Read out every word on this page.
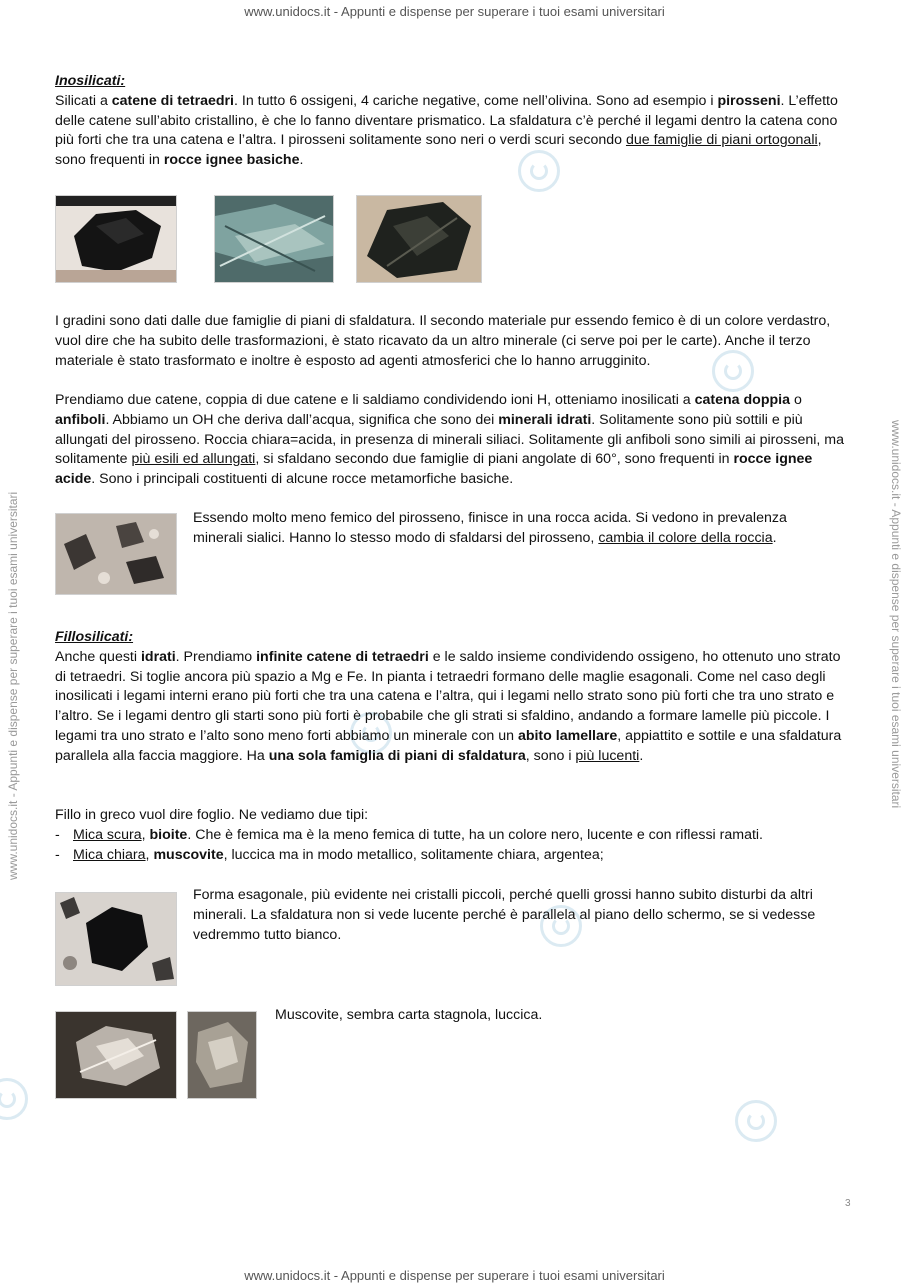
www.unidocs.it - Appunti e dispense per superare i tuoi esami universitari
www.unidocs.it - Appunti e dispense per superare i tuoi esami universitari
www.unidocs.it - Appunti e dispense per superare i tuoi esami universitari	www.unidocs.it - Appunti e dispense per superare i tuoi esami universitari

Inosilicati:

Silicati a catene di tetraedri. In tutto 6 ossigeni, 4 cariche negative, come nell’olivina. Sono ad esempio i pirosseni. L’effetto delle catene sull’abito cristallino, è che lo fanno diventare prismatico. La sfaldatura c’è perché il legami dentro la catena cono più forti che tra una catena e l’altra. I pirosseni solitamente sono neri o verdi scuri secondo due famiglie di piani ortogonali, sono frequenti in rocce ignee basiche.

I gradini sono dati dalle due famiglie di piani di sfaldatura. Il secondo materiale pur essendo femico è di un colore verdastro, vuol dire che ha subito delle trasformazioni, è stato ricavato da un altro minerale (ci serve poi per le carte). Anche il terzo materiale è stato trasformato e inoltre è esposto ad agenti atmosferici che lo hanno arrugginito.
Prendiamo due catene, coppia di due catene e li saldiamo condividendo ioni H, otteniamo inosilicati a catena doppia o anfiboli. Abbiamo un OH che deriva dall’acqua, significa che sono dei minerali idrati. Solitamente sono più sottili e più allungati del pirosseno. Roccia chiara=acida, in presenza di minerali siliaci. Solitamente gli anfiboli sono simili ai pirosseni, ma solitamente più esili ed allungati, si sfaldano secondo due famiglie di piani angolate di 60°, sono frequenti in rocce ignee acide. Sono i principali costituenti di alcune rocce metamorfiche basiche.
Essendo molto meno femico del pirosseno, finisce in una rocca acida. Si vedono in prevalenza minerali sialici. Hanno lo stesso modo di sfaldarsi del pirosseno, cambia il colore della roccia.

Fillosilicati:

Anche questi idrati. Prendiamo infinite catene di tetraedri e le saldo insieme condividendo ossigeno, ho ottenuto uno strato di tetraedri. Si toglie ancora più spazio a Mg e Fe. In pianta i tetraedri formano delle maglie esagonali. Come nel caso degli inosilicati i legami interni erano più forti che tra una catena e l’altra, qui i legami nello strato sono più forti che tra uno strato e l’altro. Se i legami dentro gli starti sono più forti è probabile che gli strati si sfaldino, andando a formare lamelle più piccole. I legami tra uno strato e l’alto sono meno forti abbiamo un minerale con un abito lamellare, appiattito e sottile e una sfaldatura parallela alla faccia maggiore. Ha una sola famiglia di piani di sfaldatura, sono i più lucenti.

Fillo in greco vuol dire foglio. Ne vediamo due tipi:

- Mica scura, bioite. Che è femica ma è la meno femica di tutte, ha un colore nero, lucente e con riflessi ramati.
- Mica chiara, muscovite, luccica ma in modo metallico, solitamente chiara, argentea;
Forma esagonale, più evidente nei cristalli piccoli, perché quelli grossi hanno subito disturbi da altri minerali. La sfaldatura non si vede lucente perché è parallela al piano dello schermo, se si vedesse vedremmo tutto bianco.
Muscovite, sembra carta stagnola, luccica.
3
